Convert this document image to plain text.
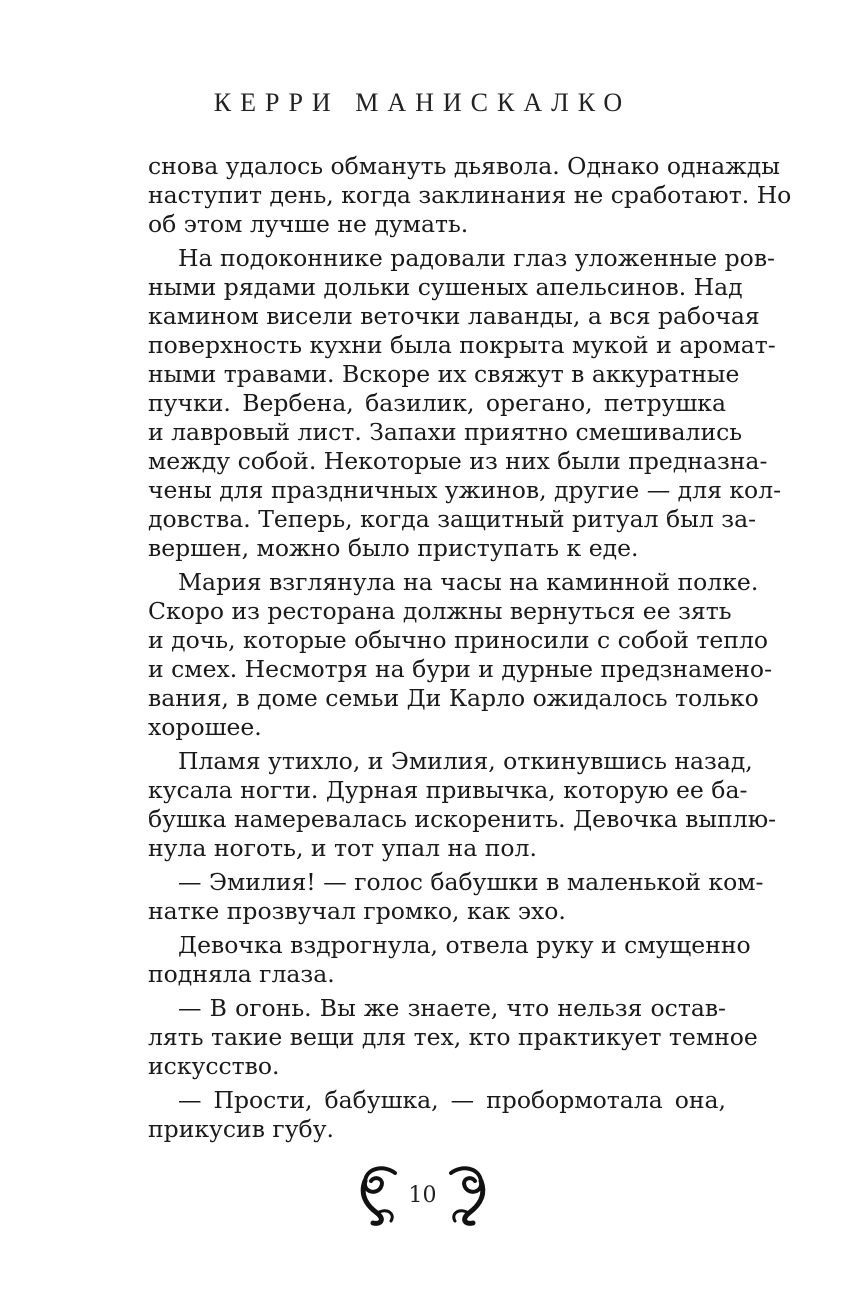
КЕРРИ МАНИСКАЛКО
снова удалось обмануть дьявола. Однако однажды
наступит день, когда заклинания не сработают. Но
об этом лучше не думать.
На подоконнике радовали глаз уложенные ров-
ными рядами дольки сушеных апельсинов. Над
камином висели веточки лаванды, а вся рабочая
поверхность кухни была покрыта мукой и аромат-
ными травами. Вскоре их свяжут в аккуратные
пучки. Вербена, базилик, орегано, петрушка
и лавровый лист. Запахи приятно смешивались
между собой. Некоторые из них были предназна-
чены для праздничных ужинов, другие — для кол-
довства. Теперь, когда защитный ритуал был за-
вершен, можно было приступать к еде.
Мария взглянула на часы на каминной полке.
Скоро из ресторана должны вернуться ее зять
и дочь, которые обычно приносили с собой тепло
и смех. Несмотря на бури и дурные предзнамено-
вания, в доме семьи Ди Карло ожидалось только
хорошее.
Пламя утихло, и Эмилия, откинувшись назад,
кусала ногти. Дурная привычка, которую ее ба-
бушка намеревалась искоренить. Девочка выплю-
нула ноготь, и тот упал на пол.
— Эмилия! — голос бабушки в маленькой ком-
натке прозвучал громко, как эхо.
Девочка вздрогнула, отвела руку и смущенно
подняла глаза.
— В огонь. Вы же знаете, что нельзя остав-
лять такие вещи для тех, кто практикует темное
искусство.
— Прости, бабушка, — пробормотала она,
прикусив губу.
10
